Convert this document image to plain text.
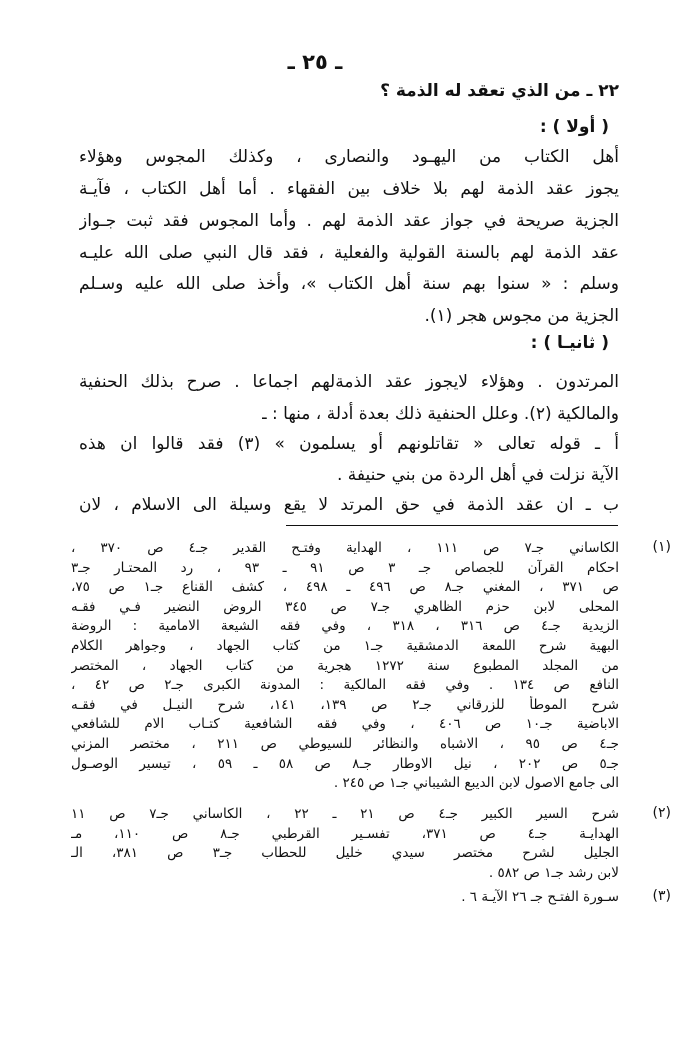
ـ ٢٥ ـ
٢٢ ـ من الذي تعقد له الذمة ؟
( أولا ) :
أهل الكتاب من اليهـود والنصارى ، وكذلك المجوس وهؤلاء
يجوز عقد الذمة لهم بلا خلاف بين الفقهاء . أما أهل الكتاب ، فآيـة
الجزية صريحة في جواز عقد الذمة لهم . وأما المجوس فقد ثبت جـواز
عقد الذمة لهم بالسنة القولية والفعلية ، فقد قال النبي صلى الله عليـه
وسلم : « سنوا بهم سنة أهل الكتاب »، وأخذ صلى الله عليه وسـلم
الجزية من مجوس هجر (١).
( ثانيـا ) :
المرتدون . وهؤلاء لايجوز عقد الذمةلهم اجماعا . صرح بذلك الحنفية
والمالكية (٢). وعلل الحنفية ذلك بعدة أدلة ، منها : ـ
أ ـ قوله تعالى « تقاتلونهم أو يسلمون » (٣) فقد قالوا ان هذه
الآية نزلت في أهل الردة من بني حنيفة .
ب ـ ان عقد الذمة في حق المرتد لا يقع وسيلة الى الاسلام ، لان
(١)
الكاساني جـ٧ ص ١١١ ، الهداية وفتـح القدير جـ٤ ص ٣٧٠ ،
احكام القرآن للجصاص جـ ٣ ص ٩١ ـ ٩٣ ، رد المحتـار جـ٣
ص ٣٧١ ، المغني جـ٨ ص ٤٩٦ ـ ٤٩٨ ، كشف القناع جـ١ ص ٧٥،
المحلى لابن حزم الظاهري جـ٧ ص ٣٤٥ الروض النضير فـي فقـه
الزيدية جـ٤ ص ٣١٦ ، ٣١٨ ، وفي فقه الشيعة الامامية : الروضة
البهية شرح اللمعة الدمشقية جـ١ من كتاب الجهاد ، وجواهر الكلام
من المجلد المطبوع سنة ١٢٧٢ هجرية من كتاب الجهاد ، المختصر
النافع ص ١٣٤ . وفي فقه المالكية : المدونة الكبرى جـ٢ ص ٤٢ ،
شرح الموطأ للزرقاني جـ٢ ص ١٣٩، ١٤١، شرح النيـل في فقـه
الاباضية جـ١٠ ص ٤٠٦ ، وفي فقه الشافعية كتـاب الام للشافعي
جـ٤ ص ٩٥ ، الاشباه والنظائر للسيوطي ص ٢١١ ، مختصر المزني
جـ٥ ص ٢٠٢ ، نيل الاوطار جـ٨ ص ٥٨ ـ ٥٩ ، تيسير الوصـول
الى جامع الاصول لابن الديبع الشيباني جـ١ ص ٢٤٥ .
(٢)
شرح السير الكبير جـ٤ ص ٢١ ـ ٢٢ ، الكاساني جـ٧ ص ١١
الهدايـة جـ٤ ص ٣٧١، تفسـير القرطبي جـ٨ ص ١١٠، مـ
الجليل لشرح مختصر سيدي خليل للحطاب جـ٣ ص ٣٨١، الـ
لابن رشد جـ١ ص ٥٨٢ .
(٣)
سـورة الفتـح جـ ٢٦ الآيـة ٦ .
